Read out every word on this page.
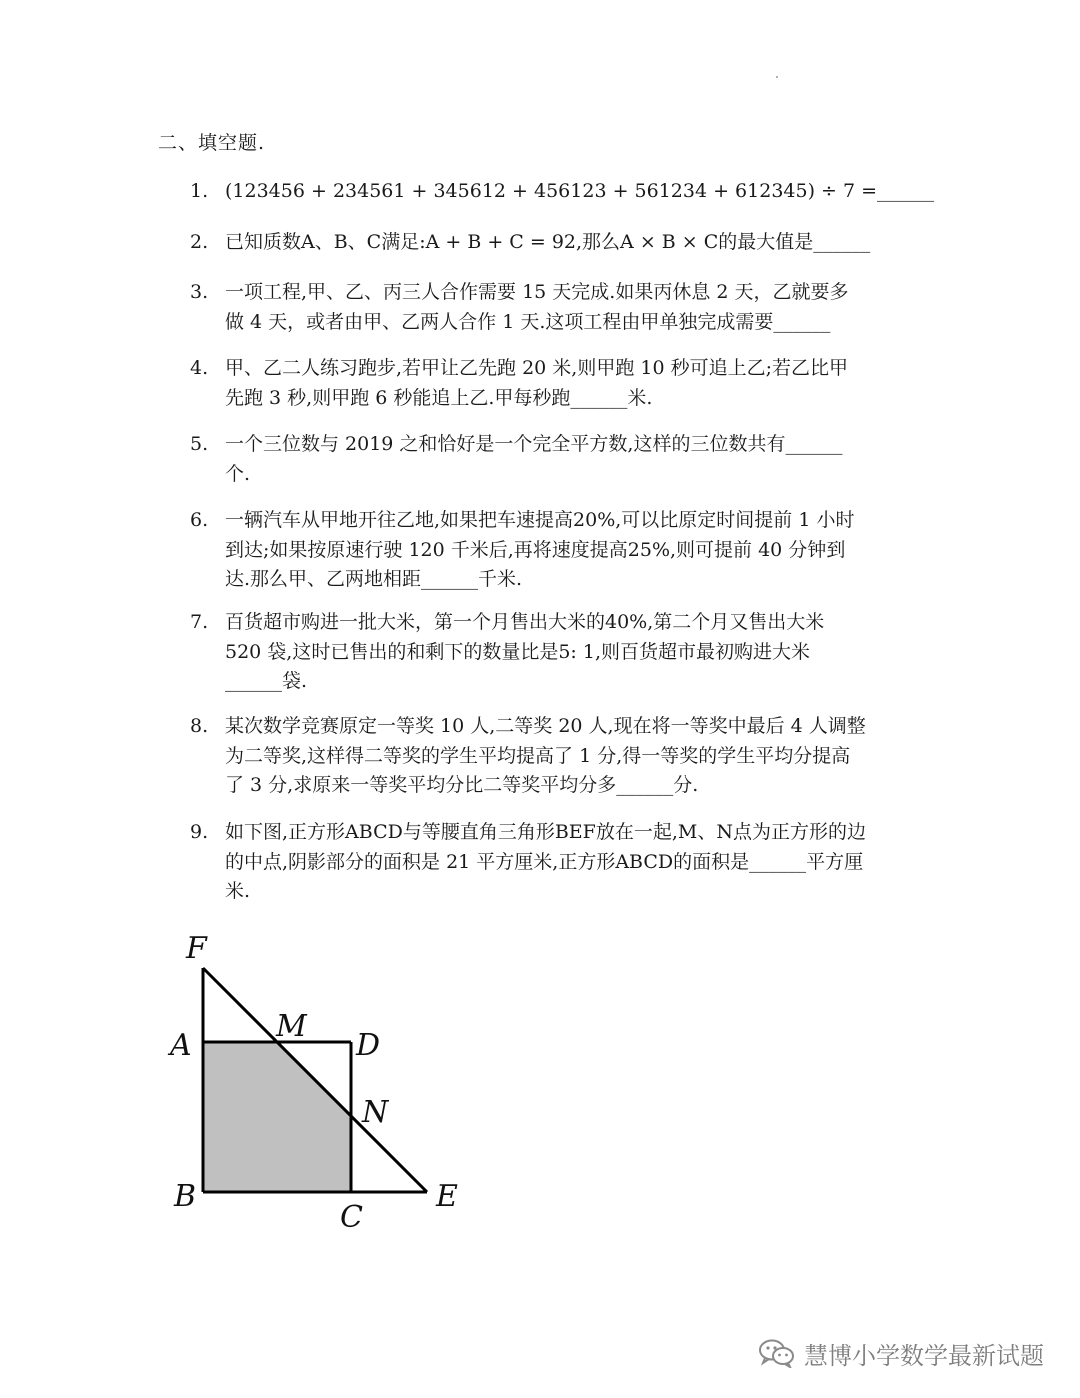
二、填空题.
1. (123456 + 234561 + 345612 + 456123 + 561234 + 612345) ÷ 7 =______
2. 已知质数A、B、C满足:A + B + C = 92,那么A × B × C的最大值是______
3. 一项工程,甲、乙、丙三人合作需要 15 天完成.如果丙休息 2 天，乙就要多
做 4 天，或者由甲、乙两人合作 1 天.这项工程由甲单独完成需要______
4. 甲、乙二人练习跑步,若甲让乙先跑 20 米,则甲跑 10 秒可追上乙;若乙比甲
先跑 3 秒,则甲跑 6 秒能追上乙.甲每秒跑______米.
5. 一个三位数与 2019 之和恰好是一个完全平方数,这样的三位数共有______
个.
6. 一辆汽车从甲地开往乙地,如果把车速提高20%,可以比原定时间提前 1 小时
到达;如果按原速行驶 120 千米后,再将速度提高25%,则可提前 40 分钟到
达.那么甲、乙两地相距______千米.
7. 百货超市购进一批大米，第一个月售出大米的40%,第二个月又售出大米
520 袋,这时已售出的和剩下的数量比是5: 1,则百货超市最初购进大米
______袋.
8. 某次数学竞赛原定一等奖 10 人,二等奖 20 人,现在将一等奖中最后 4 人调整
为二等奖,这样得二等奖的学生平均提高了 1 分,得一等奖的学生平均分提高
了 3 分,求原来一等奖平均分比二等奖平均分多______分.
9. 如下图,正方形ABCD与等腰直角三角形BEF放在一起,M、N点为正方形的边
的中点,阴影部分的面积是 21 平方厘米,正方形ABCD的面积是______平方厘
米.
F
A
M
D
N
B
C
E
慧博小学数学最新试题
